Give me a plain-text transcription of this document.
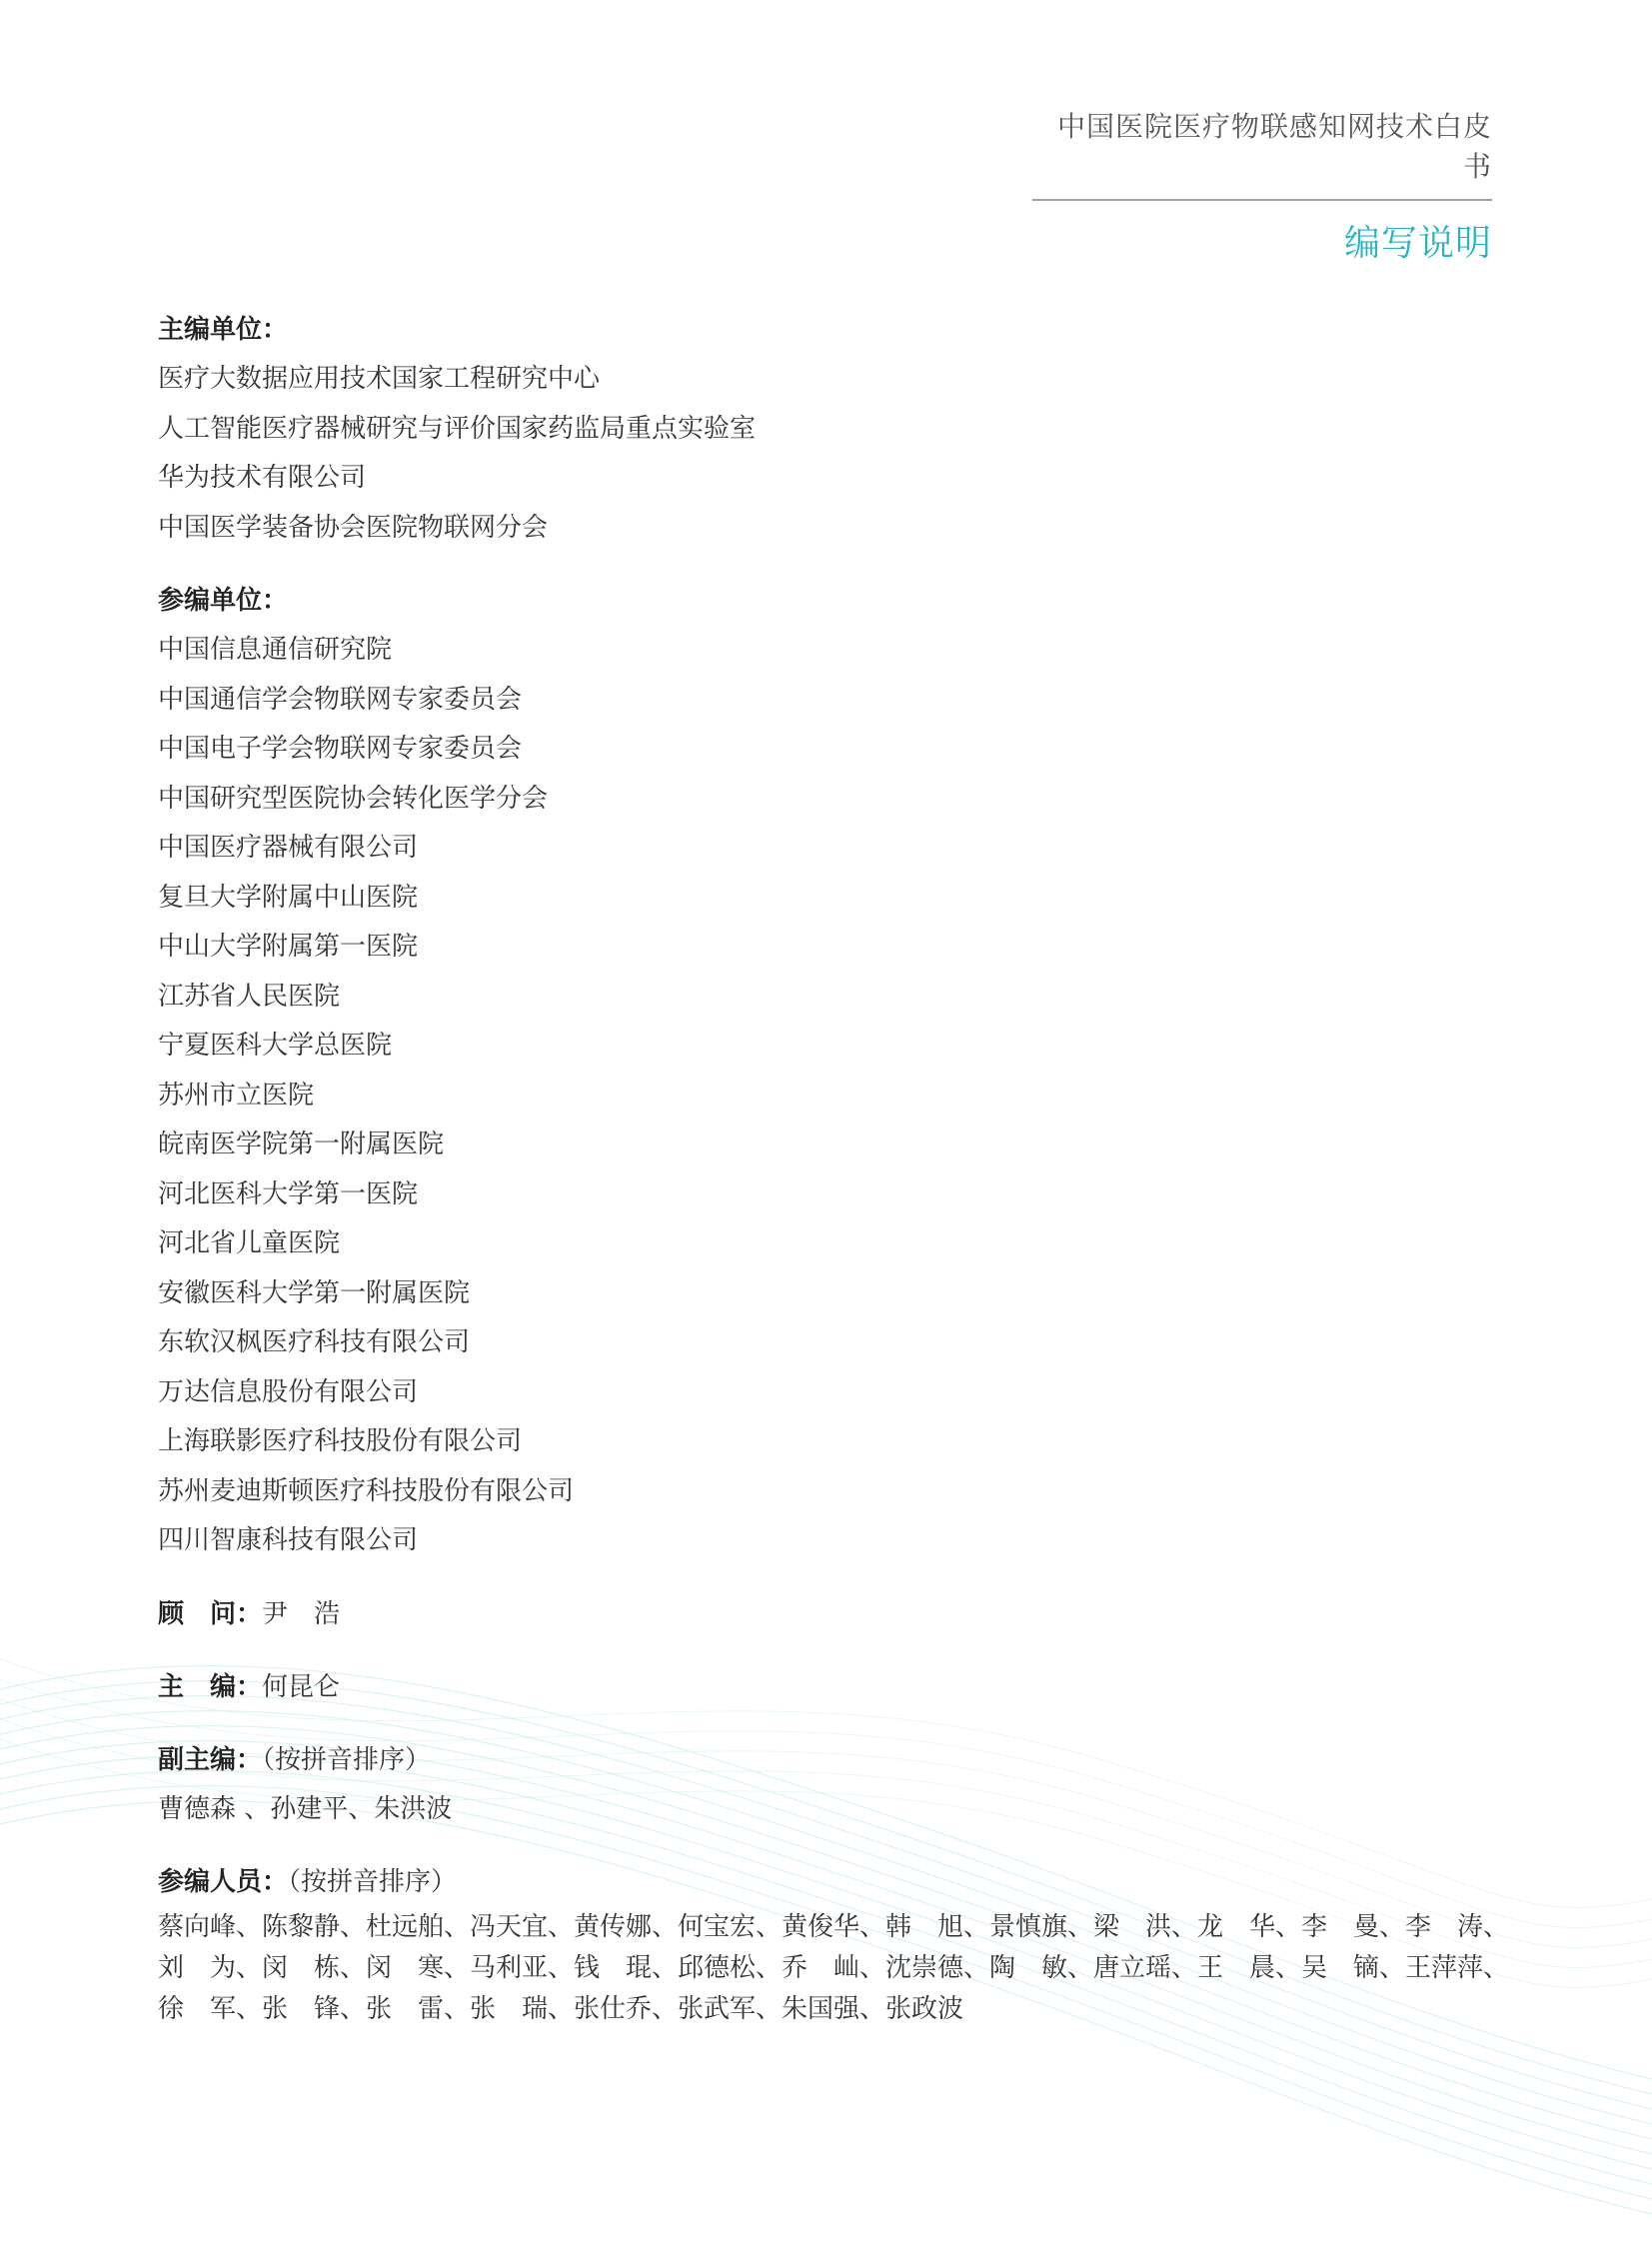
中国医院医疗物联感知网技术白皮书
编写说明
主编单位：
医疗大数据应用技术国家工程研究中心
人工智能医疗器械研究与评价国家药监局重点实验室
华为技术有限公司
中国医学装备协会医院物联网分会
参编单位：
中国信息通信研究院
中国通信学会物联网专家委员会
中国电子学会物联网专家委员会
中国研究型医院协会转化医学分会
中国医疗器械有限公司
复旦大学附属中山医院
中山大学附属第一医院
江苏省人民医院
宁夏医科大学总医院
苏州市立医院
皖南医学院第一附属医院
河北医科大学第一医院
河北省儿童医院
安徽医科大学第一附属医院
东软汉枫医疗科技有限公司
万达信息股份有限公司
上海联影医疗科技股份有限公司
苏州麦迪斯顿医疗科技股份有限公司
四川智康科技有限公司
顾　问：尹　浩
主　编：何昆仑
副主编：（按拼音排序）
曹德森 、孙建平、朱洪波
参编人员：（按拼音排序）
蔡向峰、陈黎静、杜远舶、冯天宜、黄传娜、何宝宏、黄俊华、韩　旭、景慎旗、梁　洪、龙　华、李　曼、李　涛、
刘　为、闵　栋、闵　寒、马利亚、钱　琨、邱德松、乔　屾、沈崇德、陶　敏、唐立瑶、王　晨、吴　镝、王萍萍、
徐　军、张　锋、张　雷、张　瑞、张仕乔、张武军、朱国强、张政波
